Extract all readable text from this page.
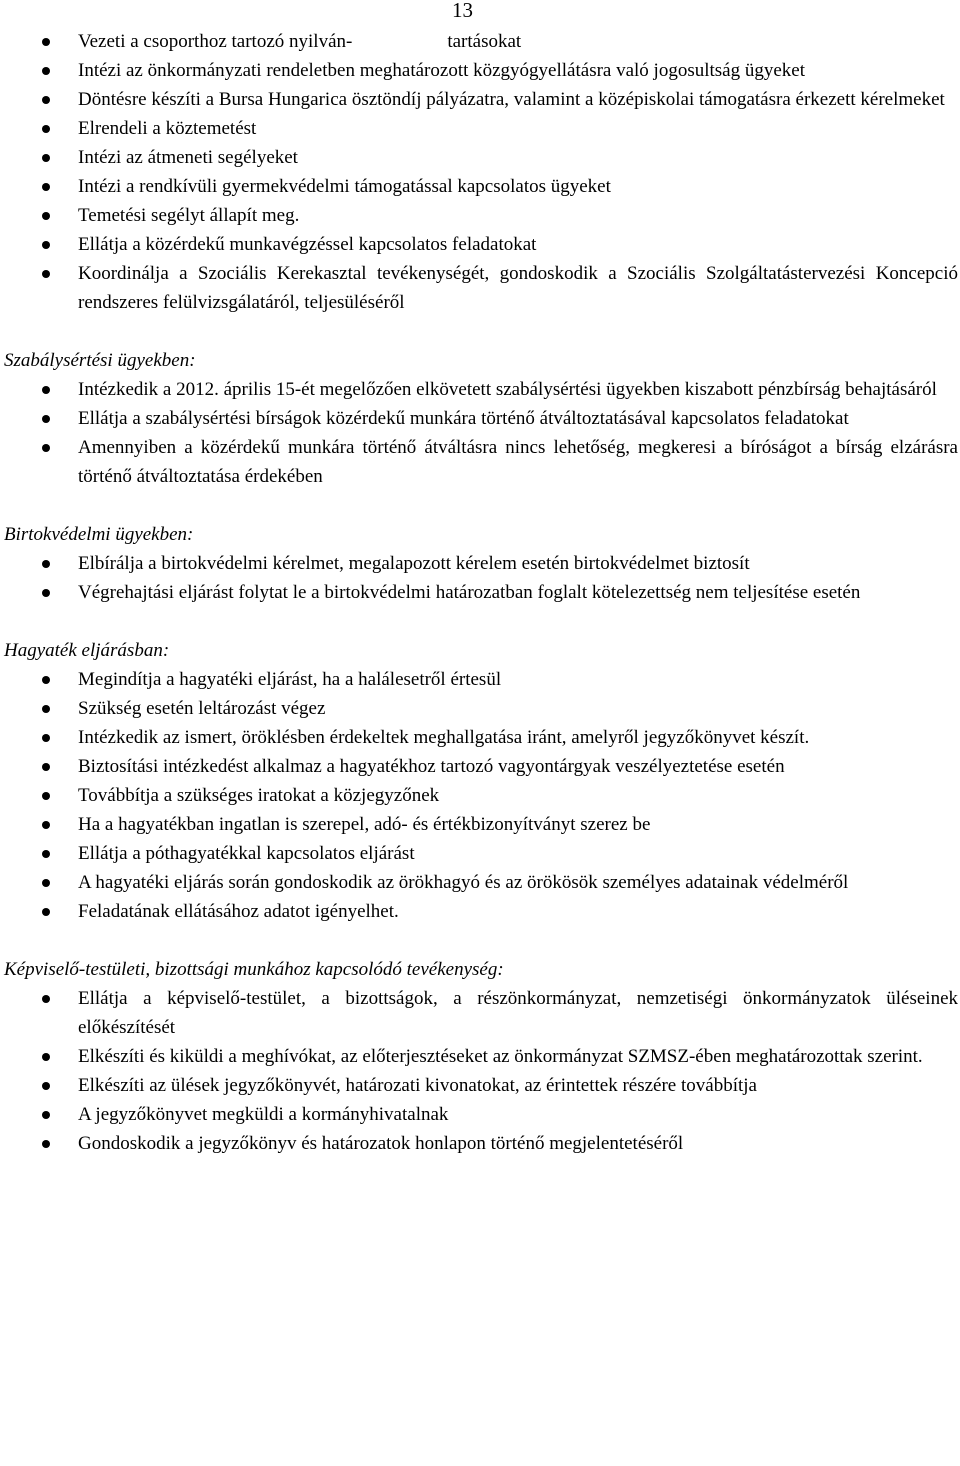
13
Vezeti a csoporthoz tartozó nyilván-                    tartásokat
Intézi az önkormányzati rendeletben meghatározott közgyógyellátásra való jogosultság ügyeket
Döntésre készíti a Bursa Hungarica ösztöndíj pályázatra, valamint a középiskolai támogatásra érkezett kérelmeket
Elrendeli a köztemetést
Intézi az átmeneti segélyeket
Intézi a rendkívüli gyermekvédelmi támogatással kapcsolatos ügyeket
Temetési segélyt állapít meg.
Ellátja a közérdekű munkavégzéssel kapcsolatos feladatokat
Koordinálja a Szociális Kerekasztal tevékenységét, gondoskodik a Szociális Szolgáltatástervezési Koncepció rendszeres felülvizsgálatáról, teljesüléséről

Szabálysértési ügyekben:

Intézkedik a 2012. április 15-ét megelőzően elkövetett szabálysértési ügyekben kiszabott pénzbírság behajtásáról
Ellátja a szabálysértési bírságok közérdekű munkára történő átváltoztatásával kapcsolatos feladatokat
Amennyiben a közérdekű munkára történő átváltásra nincs lehetőség, megkeresi a bíróságot a bírság elzárásra történő átváltoztatása érdekében

Birtokvédelmi ügyekben:

Elbírálja a birtokvédelmi kérelmet, megalapozott kérelem esetén birtokvédelmet biztosít
Végrehajtási eljárást folytat le a birtokvédelmi határozatban foglalt kötelezettség nem teljesítése esetén

Hagyaték eljárásban:

Megindítja a hagyatéki eljárást, ha a halálesetről értesül
Szükség esetén leltározást végez
Intézkedik az ismert, öröklésben érdekeltek meghallgatása iránt, amelyről jegyzőkönyvet készít.
Biztosítási intézkedést alkalmaz a hagyatékhoz tartozó vagyontárgyak veszélyeztetése esetén
Továbbítja a szükséges iratokat a közjegyzőnek
Ha a hagyatékban ingatlan is szerepel, adó- és értékbizonyítványt szerez be
Ellátja a póthagyatékkal kapcsolatos eljárást
A hagyatéki eljárás során gondoskodik az örökhagyó és az örökösök személyes adatainak védelméről
Feladatának ellátásához adatot igényelhet.

Képviselő-testületi, bizottsági munkához kapcsolódó tevékenység:

Ellátja a képviselő-testület, a bizottságok, a részönkormányzat, nemzetiségi önkormányzatok üléseinek előkészítését
Elkészíti és kiküldi a meghívókat, az előterjesztéseket az önkormányzat SZMSZ-ében meghatározottak szerint.
Elkészíti az ülések jegyzőkönyvét, határozati kivonatokat, az érintettek részére továbbítja
A jegyzőkönyvet megküldi a kormányhivatalnak
Gondoskodik a jegyzőkönyv és határozatok honlapon történő megjelentetéséről
